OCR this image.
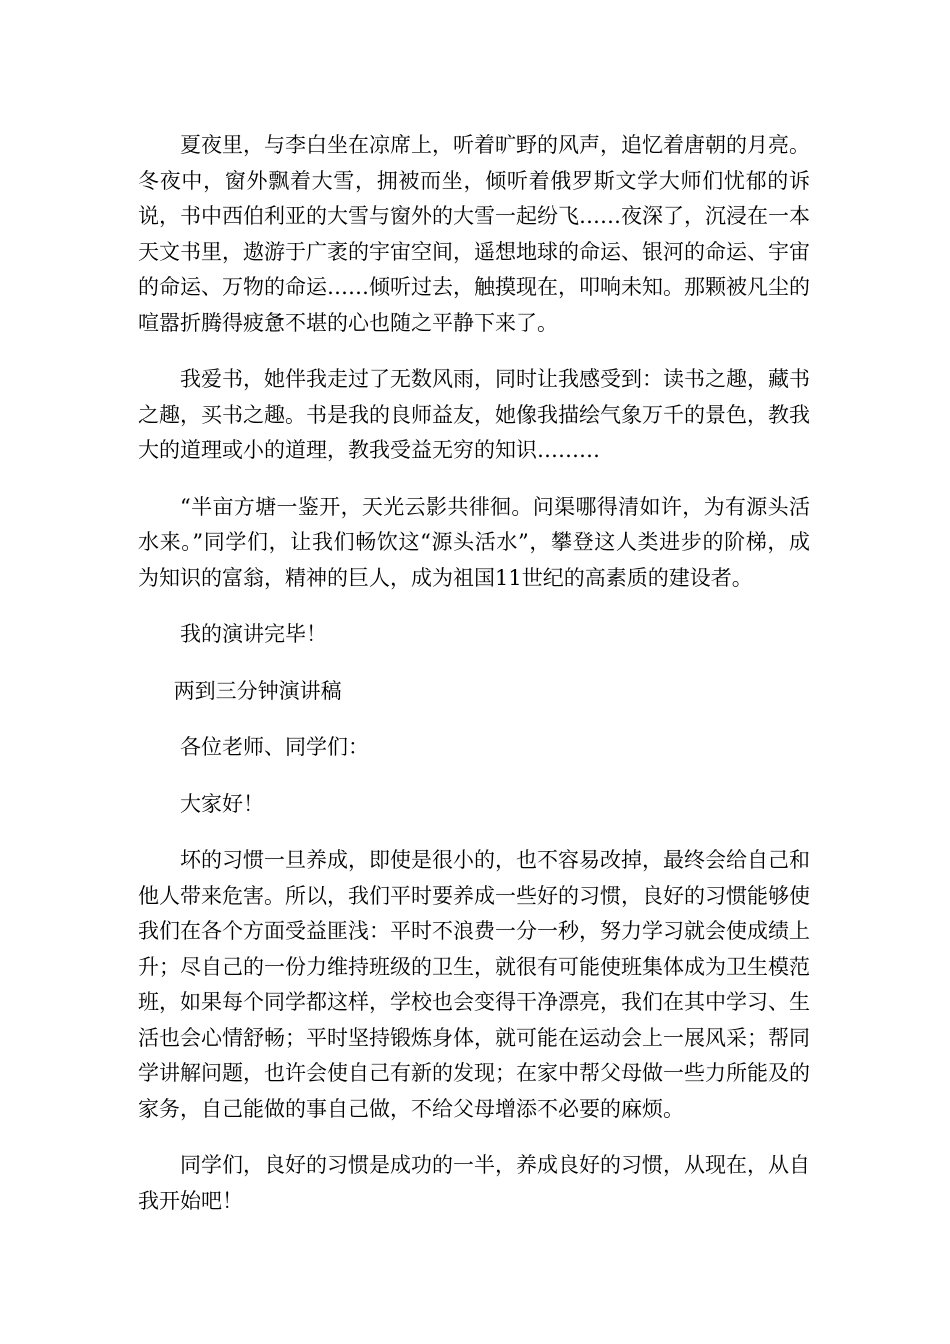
夏夜里，与李白坐在凉席上，听着旷野的风声，追忆着唐朝的月亮。冬夜中，窗外飘着大雪，拥被而坐，倾听着俄罗斯文学大师们忧郁的诉说，书中西伯利亚的大雪与窗外的大雪一起纷飞……夜深了，沉浸在一本天文书里，遨游于广袤的宇宙空间，遥想地球的命运、银河的命运、宇宙的命运、万物的命运……倾听过去，触摸现在，叩响未知。那颗被凡尘的喧嚣折腾得疲惫不堪的心也随之平静下来了。

我爱书，她伴我走过了无数风雨，同时让我感受到：读书之趣，藏书之趣，买书之趣。书是我的良师益友，她像我描绘气象万千的景色，教我大的道理或小的道理，教我受益无穷的知识………

“半亩方塘一鉴开，天光云影共徘徊。问渠哪得清如许，为有源头活水来。”同学们，让我们畅饮这“源头活水”，攀登这人类进步的阶梯，成为知识的富翁，精神的巨人，成为祖国11世纪的高素质的建设者。

我的演讲完毕！

两到三分钟演讲稿

各位老师、同学们：

大家好！

坏的习惯一旦养成，即使是很小的，也不容易改掉，最终会给自己和他人带来危害。所以，我们平时要养成一些好的习惯，良好的习惯能够使我们在各个方面受益匪浅：平时不浪费一分一秒，努力学习就会使成绩上升；尽自己的一份力维持班级的卫生，就很有可能使班集体成为卫生模范班，如果每个同学都这样，学校也会变得干净漂亮，我们在其中学习、生活也会心情舒畅；平时坚持锻炼身体，就可能在运动会上一展风采；帮同学讲解问题，也许会使自己有新的发现；在家中帮父母做一些力所能及的家务，自己能做的事自己做，不给父母增添不必要的麻烦。

同学们，良好的习惯是成功的一半，养成良好的习惯，从现在，从自我开始吧！
